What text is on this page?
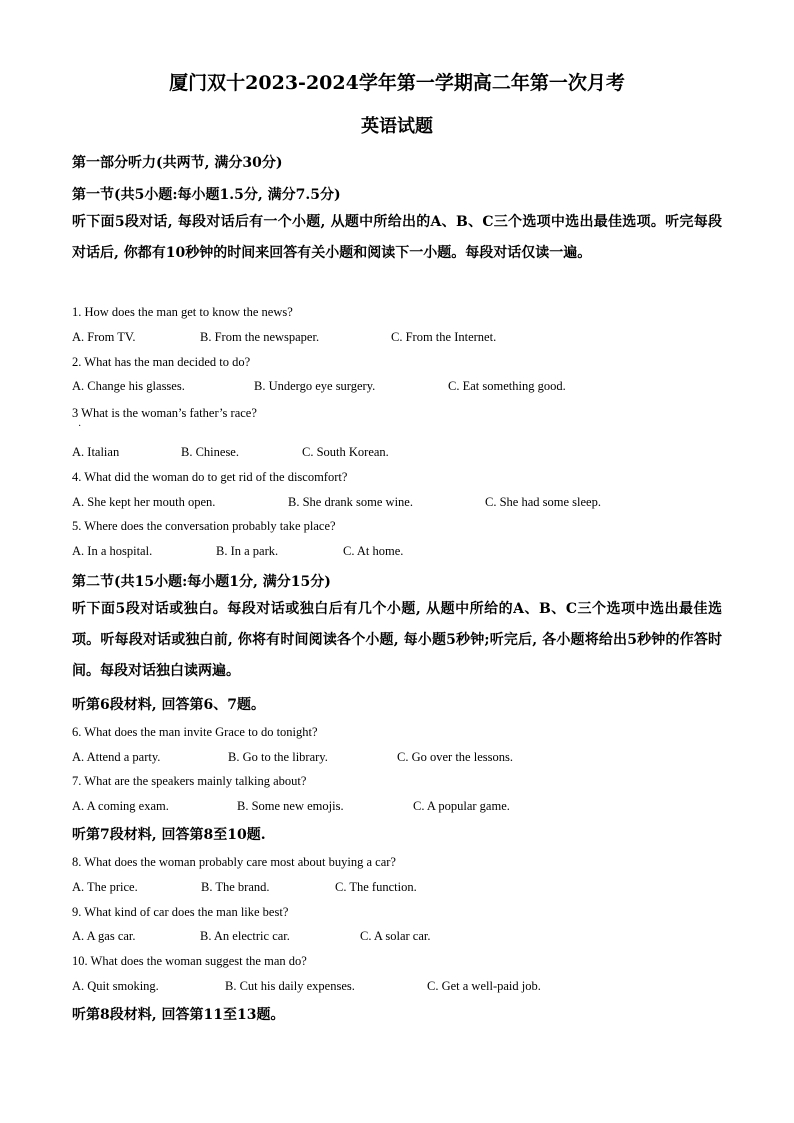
厦门双十2023-2024学年第一学期高二年第一次月考
英语试题
第一部分听力(共两节, 满分30分)
第一节(共5小题:每小题1.5分, 满分7.5分)
听下面5段对话, 每段对话后有一个小题, 从题中所给出的A、B、C三个选项中选出最佳选项。听完每段对话后, 你都有10秒钟的时间来回答有关小题和阅读下一小题。每段对话仅读一遍。
1. How does the man get to know the news?
A. From TV.	B. From the newspaper.	C. From the Internet.
2. What has the man decided to do?
A. Change his glasses.	B. Undergo eye surgery.	C. Eat something good.
3 What is the woman’s father’s race?
·
A. Italian	B. Chinese.	C. South Korean.
4. What did the woman do to get rid of the discomfort?
A. She kept her mouth open.	B. She drank some wine.	C. She had some sleep.
5. Where does the conversation probably take place?
A. In a hospital.	B. In a park.	C. At home.
第二节(共15小题:每小题1分, 满分15分)
听下面5段对话或独白。每段对话或独白后有几个小题, 从题中所给的A、B、C三个选项中选出最佳选项。听每段对话或独白前, 你将有时间阅读各个小题, 每小题5秒钟;听完后, 各小题将给出5秒钟的作答时间。每段对话独白读两遍。
听第6段材料, 回答第6、7题。
6. What does the man invite Grace to do tonight?
A. Attend a party.	B. Go to the library.	C. Go over the lessons.
7. What are the speakers mainly talking about?
A. A coming exam.	B. Some new emojis.	C. A popular game.
听第7段材料, 回答第8至10题.
8. What does the woman probably care most about buying a car?
A. The price.	B. The brand.	C. The function.
9. What kind of car does the man like best?
A. A gas car.	B. An electric car.	C. A solar car.
10. What does the woman suggest the man do?
A. Quit smoking.	B. Cut his daily expenses.	C. Get a well-paid job.
听第8段材料, 回答第11至13题。
